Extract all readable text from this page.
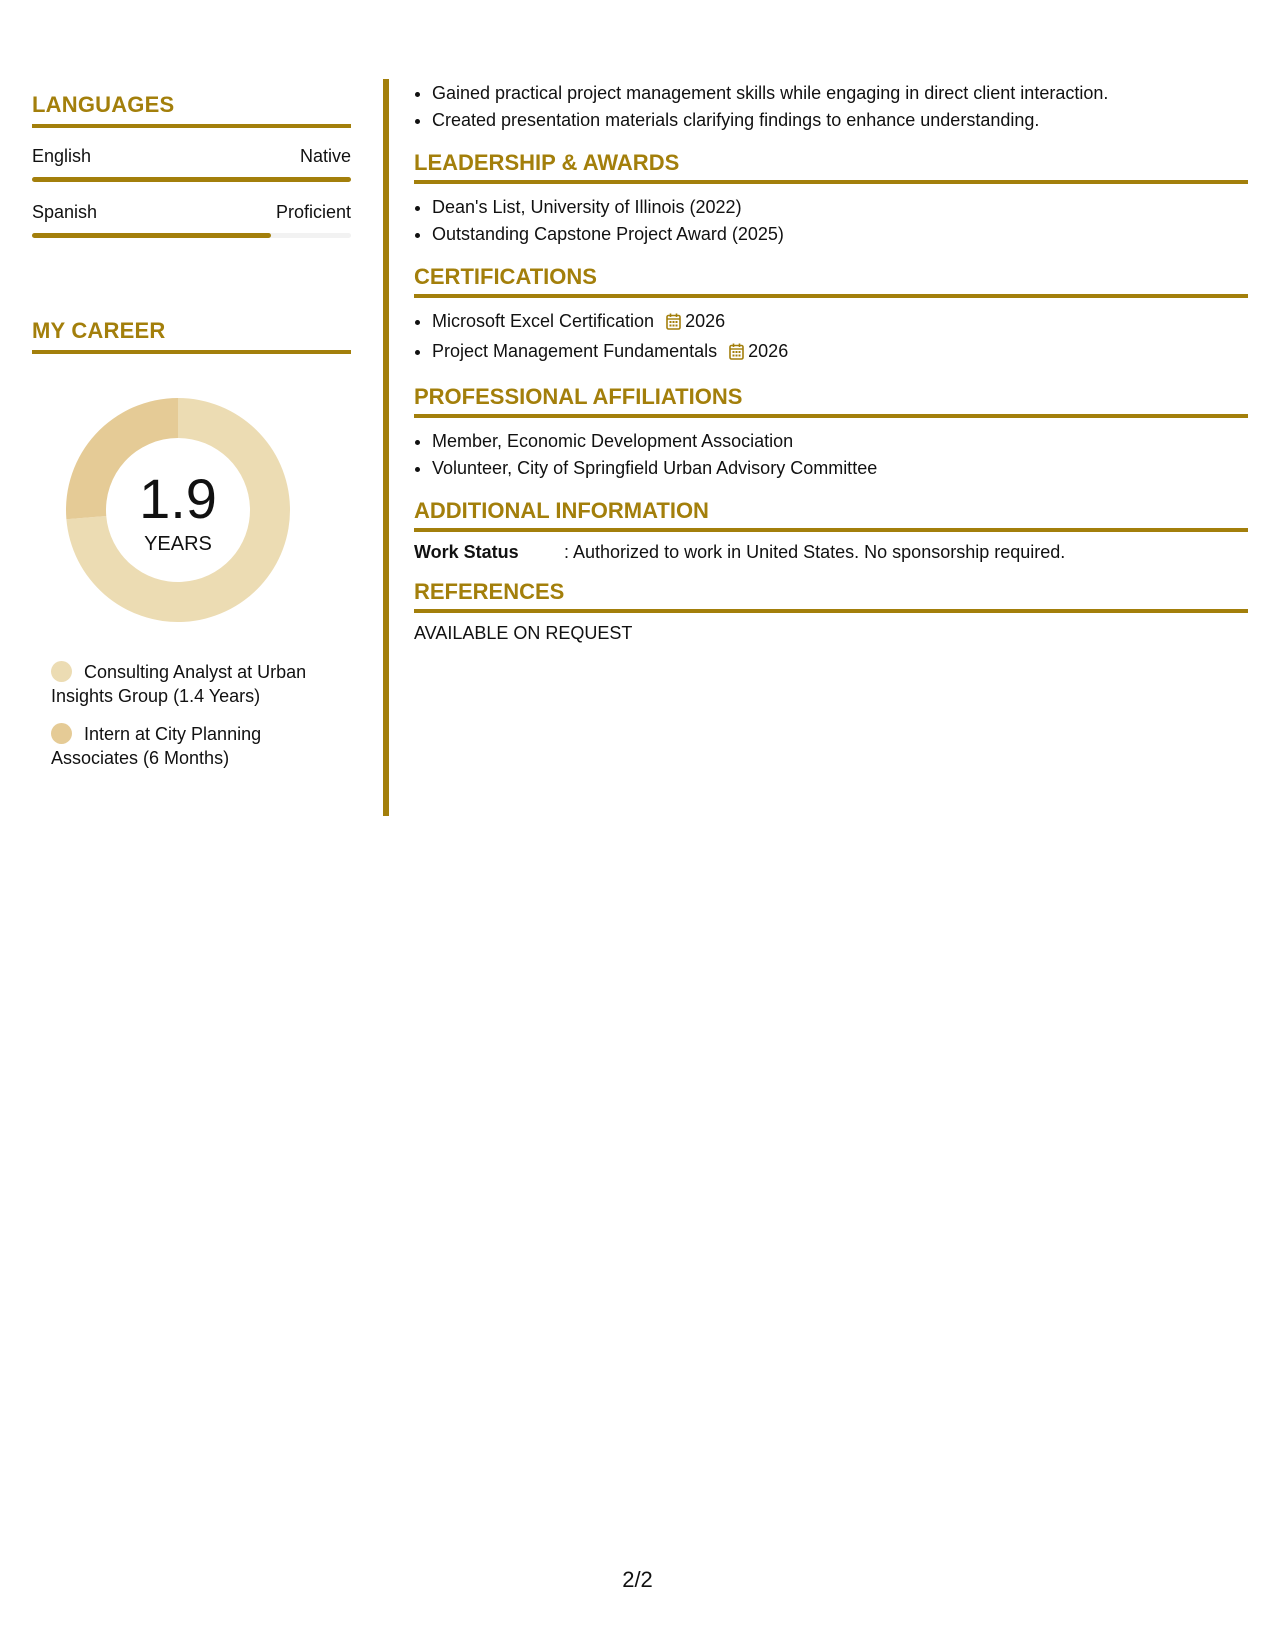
LANGUAGES
English	Native
Spanish	Proficient
MY CAREER
1.9
YEARS
Consulting Analyst at Urban Insights Group (1.4 Years)
Intern at City Planning Associates (6 Months)
• Gained practical project management skills while engaging in direct client interaction.
• Created presentation materials clarifying findings to enhance understanding.
LEADERSHIP & AWARDS
• Dean's List, University of Illinois (2022)
• Outstanding Capstone Project Award (2025)
CERTIFICATIONS
• Microsoft Excel Certification 2026
• Project Management Fundamentals 2026
PROFESSIONAL AFFILIATIONS
• Member, Economic Development Association
• Volunteer, City of Springfield Urban Advisory Committee
ADDITIONAL INFORMATION
Work Status	: Authorized to work in United States. No sponsorship required.
REFERENCES
AVAILABLE ON REQUEST
2/2
